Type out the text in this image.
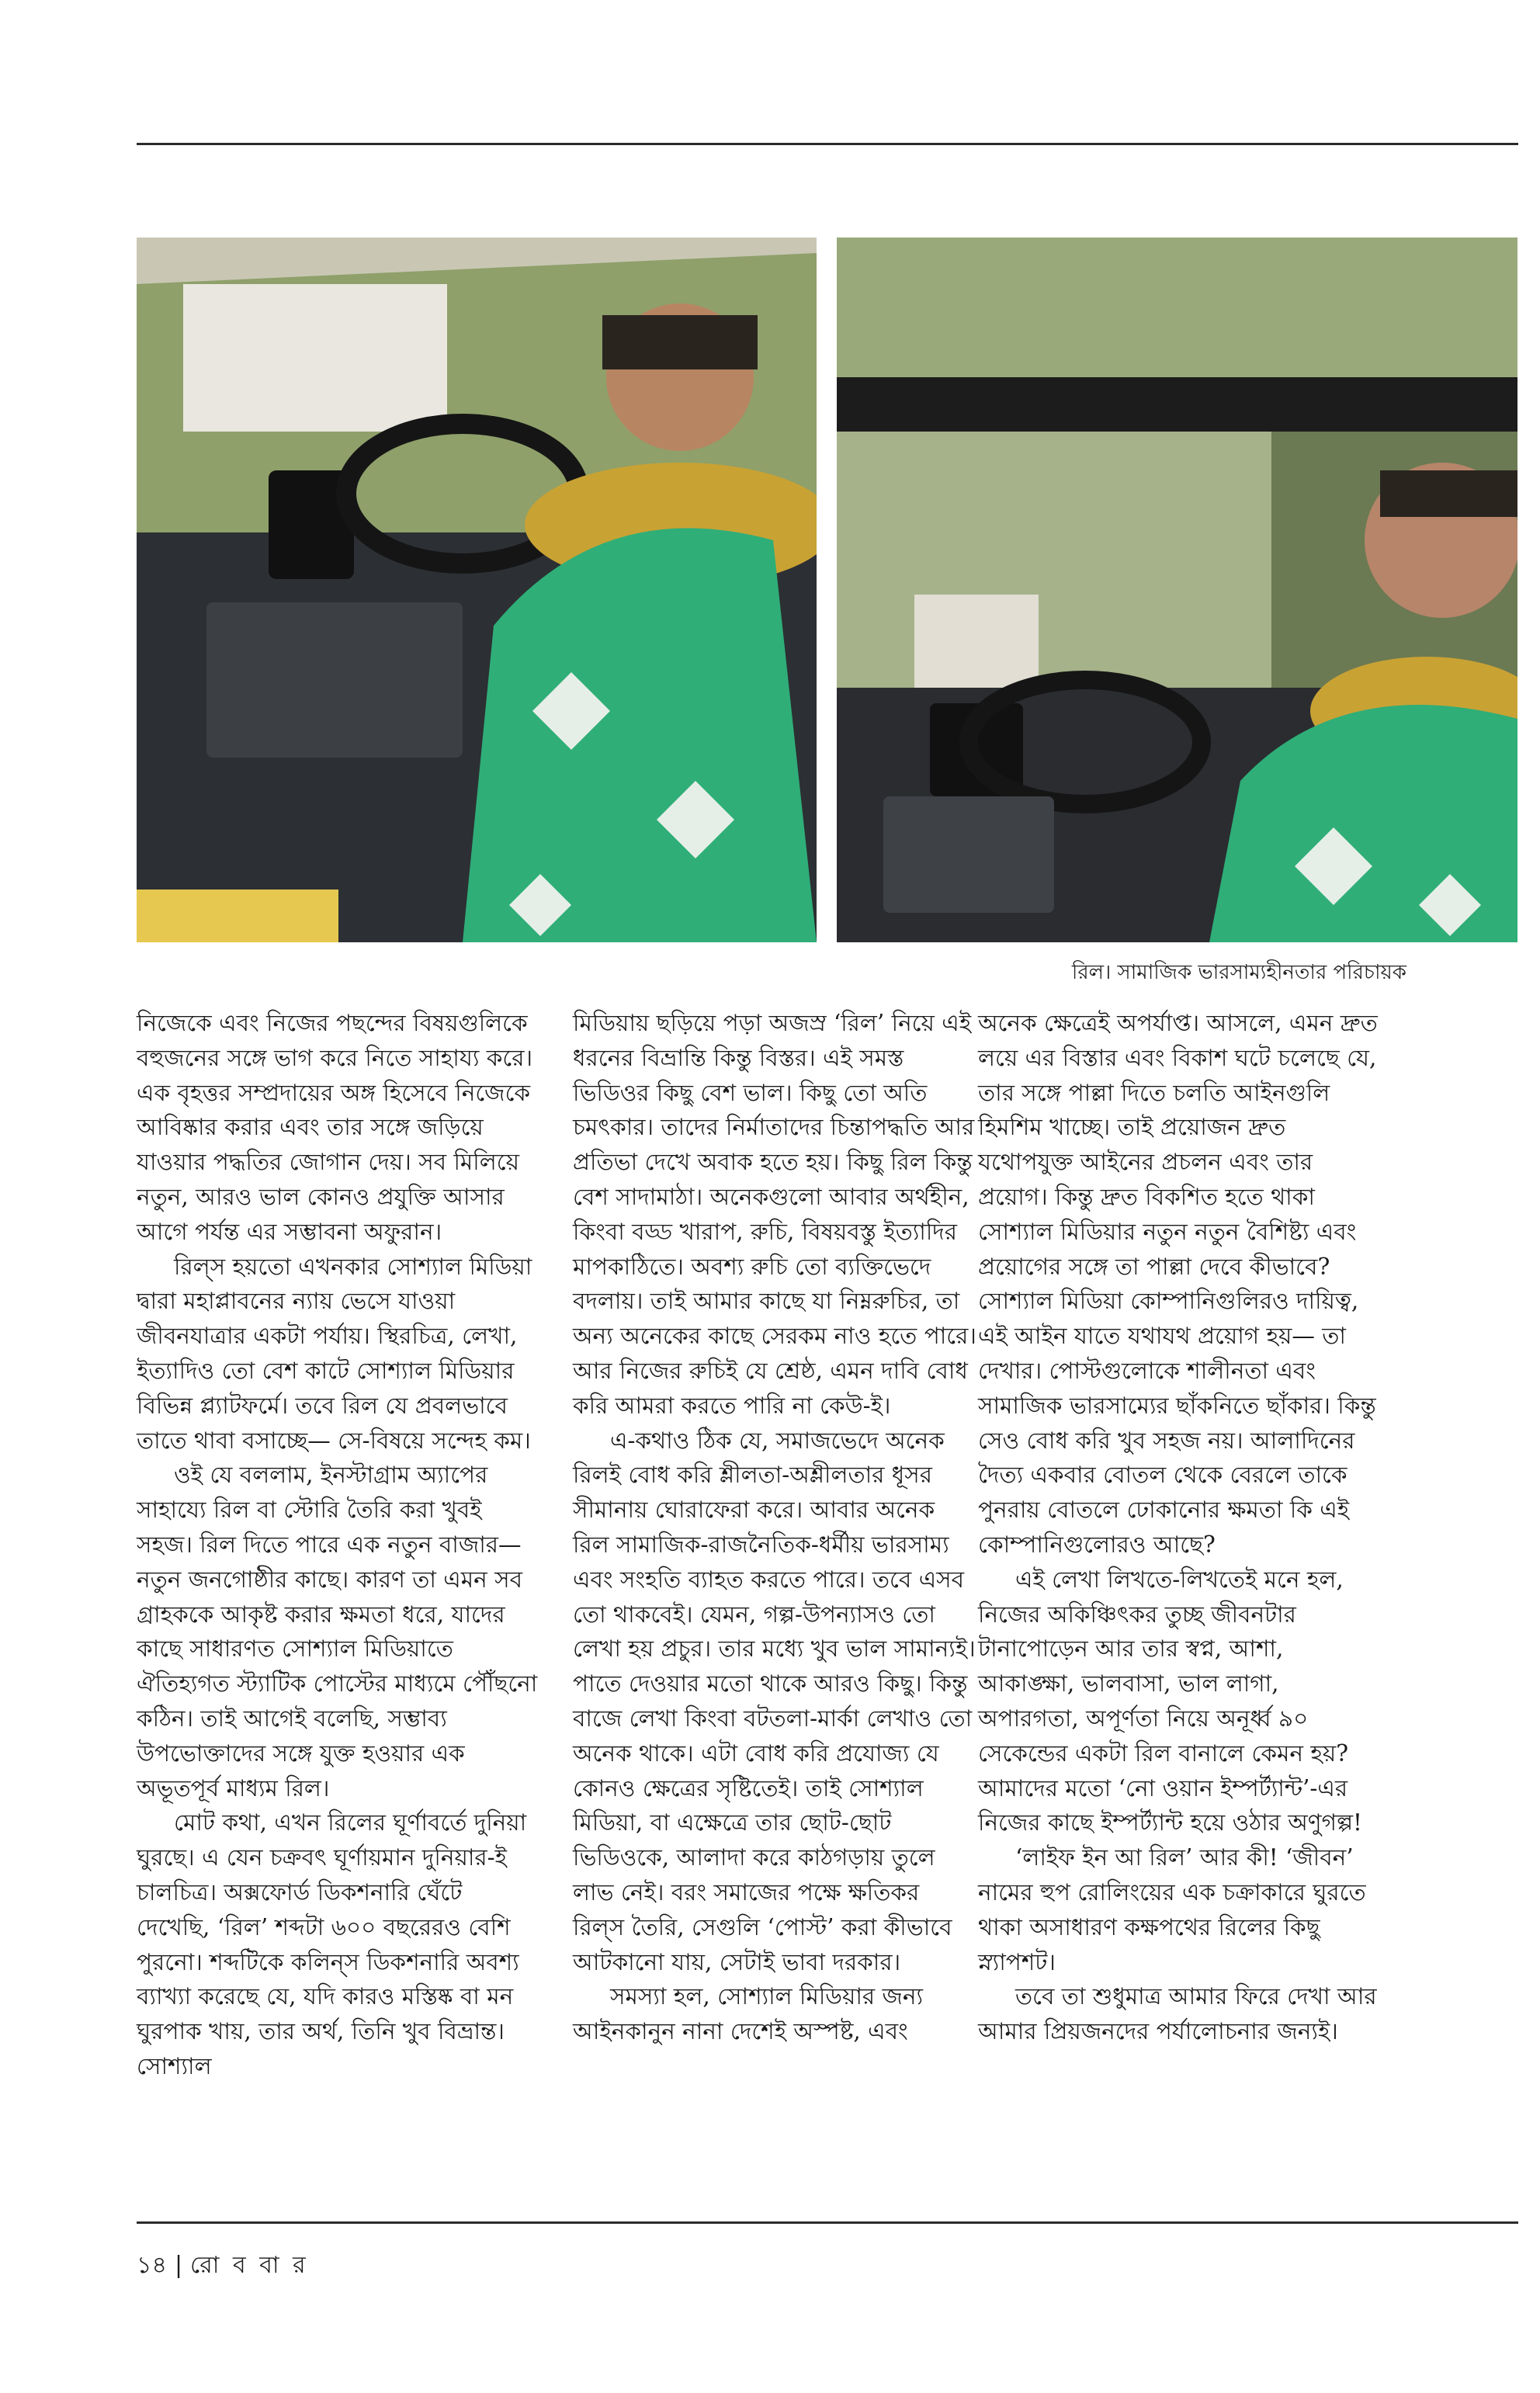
রিল। সামাজিক ভারসাম্যহীনতার পরিচায়ক

নিজেকে এবং নিজের পছন্দের বিষয়গুলিকে বহুজনের সঙ্গে ভাগ করে নিতে সাহায্য করে। এক বৃহত্তর সম্প্রদায়ের অঙ্গ হিসেবে নিজেকে আবিষ্কার করার এবং তার সঙ্গে জড়িয়ে যাওয়ার পদ্ধতির জোগান দেয়। সব মিলিয়ে নতুন, আরও ভাল কোনও প্রযুক্তি আসার আগে পর্যন্ত এর সম্ভাবনা অফুরান।

রিল্‌স হয়তো এখনকার সোশ্যাল মিডিয়া দ্বারা মহাপ্লাবনের ন্যায় ভেসে যাওয়া জীবনযাত্রার একটা পর্যায়। স্থিরচিত্র, লেখা, ইত্যাদিও তো বেশ কাটে সোশ্যাল মিডিয়ার বিভিন্ন প্ল্যাটফর্মে। তবে রিল যে প্রবলভাবে তাতে থাবা বসাচ্ছে— সে-বিষয়ে সন্দেহ কম।

ওই যে বললাম, ইনস্টাগ্রাম অ্যাপের সাহায্যে রিল বা স্টোরি তৈরি করা খুবই সহজ। রিল দিতে পারে এক নতুন বাজার— নতুন জনগোষ্ঠীর কাছে। কারণ তা এমন সব গ্রাহককে আকৃষ্ট করার ক্ষমতা ধরে, যাদের কাছে সাধারণত সোশ্যাল মিডিয়াতে ঐতিহ্যগত স্ট্যাটিক পোস্টের মাধ্যমে পৌঁছনো কঠিন। তাই আগেই বলেছি, সম্ভাব্য উপভোক্তাদের সঙ্গে যুক্ত হওয়ার এক অভূতপূর্ব মাধ্যম রিল।

মোট কথা, এখন রিলের ঘূর্ণাবর্তে দুনিয়া ঘুরছে। এ যেন চক্রবৎ ঘূর্ণায়মান দুনিয়ার-ই চালচিত্র। অক্সফোর্ড ডিকশনারি ঘেঁটে দেখেছি, ‘রিল’ শব্দটা ৬০০ বছরেরও বেশি পুরনো। শব্দটিকে কলিন্‌স ডিকশনারি অবশ্য ব্যাখ্যা করেছে যে, যদি কারও মস্তিষ্ক বা মন ঘুরপাক খায়, তার অর্থ, তিনি খুব বিভ্রান্ত। সোশ্যাল

মিডিয়ায় ছড়িয়ে পড়া অজস্র ‘রিল’ নিয়ে এই ধরনের বিভ্রান্তি কিন্তু বিস্তর। এই সমস্ত ভিডিওর কিছু বেশ ভাল। কিছু তো অতি চমৎকার। তাদের নির্মাতাদের চিন্তাপদ্ধতি আর প্রতিভা দেখে অবাক হতে হয়। কিছু রিল কিন্তু বেশ সাদামাঠা। অনেকগুলো আবার অর্থহীন, কিংবা বড্ড খারাপ, রুচি, বিষয়বস্তু ইত্যাদির মাপকাঠিতে। অবশ্য রুচি তো ব্যক্তিভেদে বদলায়। তাই আমার কাছে যা নিম্নরুচির, তা অন্য অনেকের কাছে সেরকম নাও হতে পারে। আর নিজের রুচিই যে শ্রেষ্ঠ, এমন দাবি বোধ করি আমরা করতে পারি না কেউ-ই।

এ-কথাও ঠিক যে, সমাজভেদে অনেক রিলই বোধ করি শ্লীলতা-অশ্লীলতার ধূসর সীমানায় ঘোরাফেরা করে। আবার অনেক রিল সামাজিক-রাজনৈতিক-ধর্মীয় ভারসাম্য এবং সংহতি ব্যাহত করতে পারে। তবে এসব তো থাকবেই। যেমন, গল্প-উপন্যাসও তো লেখা হয় প্রচুর। তার মধ্যে খুব ভাল সামান্যই। পাতে দেওয়ার মতো থাকে আরও কিছু। কিন্তু বাজে লেখা কিংবা বটতলা-মার্কা লেখাও তো অনেক থাকে। এটা বোধ করি প্রযোজ্য যে কোনও ক্ষেত্রের সৃষ্টিতেই। তাই সোশ্যাল মিডিয়া, বা এক্ষেত্রে তার ছোট-ছোট ভিডিওকে, আলাদা করে কাঠগড়ায় তুলে লাভ নেই। বরং সমাজের পক্ষে ক্ষতিকর রিল্‌স তৈরি, সেগুলি ‘পোস্ট’ করা কীভাবে আটকানো যায়, সেটাই ভাবা দরকার।

সমস্যা হল, সোশ্যাল মিডিয়ার জন্য আইনকানুন নানা দেশেই অস্পষ্ট, এবং

অনেক ক্ষেত্রেই অপর্যাপ্ত। আসলে, এমন দ্রুত লয়ে এর বিস্তার এবং বিকাশ ঘটে চলেছে যে, তার সঙ্গে পাল্লা দিতে চলতি আইনগুলি হিমশিম খাচ্ছে। তাই প্রয়োজন দ্রুত যথোপযুক্ত আইনের প্রচলন এবং তার প্রয়োগ। কিন্তু দ্রুত বিকশিত হতে থাকা সোশ্যাল মিডিয়ার নতুন নতুন বৈশিষ্ট্য এবং প্রয়োগের সঙ্গে তা পাল্লা দেবে কীভাবে? সোশ্যাল মিডিয়া কোম্পানিগুলিরও দায়িত্ব, এই আইন যাতে যথাযথ প্রয়োগ হয়— তা দেখার। পোস্টগুলোকে শালীনতা এবং সামাজিক ভারসাম্যের ছাঁকনিতে ছাঁকার। কিন্তু সেও বোধ করি খুব সহজ নয়। আলাদিনের দৈত্য একবার বোতল থেকে বেরলে তাকে পুনরায় বোতলে ঢোকানোর ক্ষমতা কি এই কোম্পানিগুলোরও আছে?

এই লেখা লিখতে-লিখতেই মনে হল, নিজের অকিঞ্চিৎকর তুচ্ছ জীবনটার টানাপোড়েন আর তার স্বপ্ন, আশা, আকাঙ্ক্ষা, ভালবাসা, ভাল লাগা, অপারগতা, অপূর্ণতা নিয়ে অনূর্ধ্ব ৯০ সেকেন্ডের একটা রিল বানালে কেমন হয়? আমাদের মতো ‘নো ওয়ান ইম্পর্ট্যান্ট’-এর নিজের কাছে ইম্পর্ট্যান্ট হয়ে ওঠার অণুগল্প!

‘লাইফ ইন আ রিল’ আর কী! ‘জীবন’ নামের হুপ রোলিংয়ের এক চক্রাকারে ঘুরতে থাকা অসাধারণ কক্ষপথের রিলের কিছু স্ন্যাপশট।

তবে তা শুধুমাত্র আমার ফিরে দেখা আর আমার প্রিয়জনদের পর্যালোচনার জন্যই।

১৪ | রো ব বা র
